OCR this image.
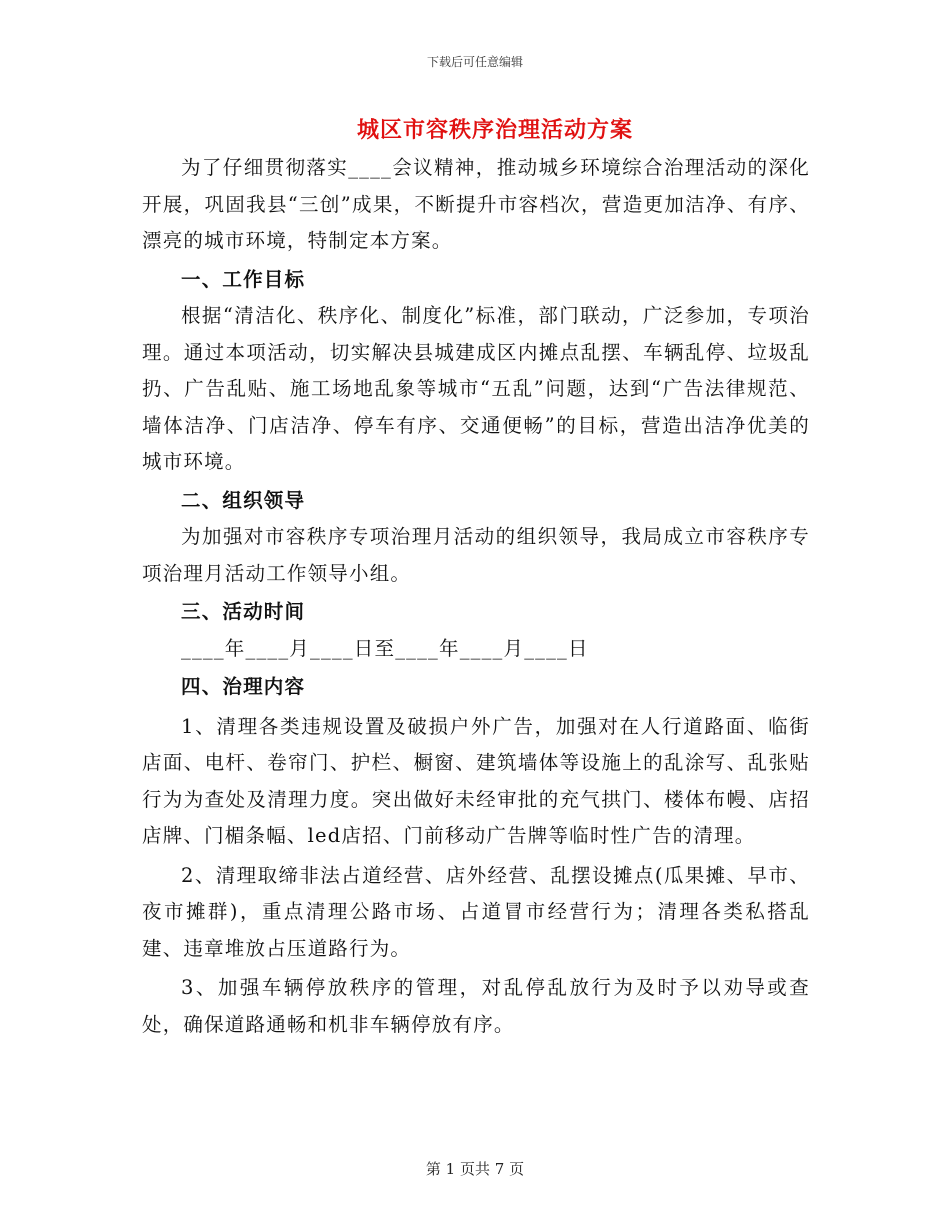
下载后可任意编辑
城区市容秩序治理活动方案

为了仔细贯彻落实____会议精神，推动城乡环境综合治理活动的深化开展，巩固我县“三创”成果，不断提升市容档次，营造更加洁净、有序、漂亮的城市环境，特制定本方案。

一、工作目标

根据“清洁化、秩序化、制度化”标准，部门联动，广泛参加，专项治理。通过本项活动，切实解决县城建成区内摊点乱摆、车辆乱停、垃圾乱扔、广告乱贴、施工场地乱象等城市“五乱”问题，达到“广告法律规范、墙体洁净、门店洁净、停车有序、交通便畅”的目标，营造出洁净优美的城市环境。

二、组织领导

为加强对市容秩序专项治理月活动的组织领导，我局成立市容秩序专项治理月活动工作领导小组。

三、活动时间

____年____月____日至____年____月____日

四、治理内容

1、清理各类违规设置及破损户外广告，加强对在人行道路面、临街店面、电杆、卷帘门、护栏、橱窗、建筑墙体等设施上的乱涂写、乱张贴行为为查处及清理力度。突出做好未经审批的充气拱门、楼体布幔、店招店牌、门楣条幅、led店招、门前移动广告牌等临时性广告的清理。

2、清理取缔非法占道经营、店外经营、乱摆设摊点(瓜果摊、早市、夜市摊群)，重点清理公路市场、占道冒市经营行为；清理各类私搭乱建、违章堆放占压道路行为。

3、加强车辆停放秩序的管理，对乱停乱放行为及时予以劝导或查处，确保道路通畅和机非车辆停放有序。

第 1 页共 7 页
